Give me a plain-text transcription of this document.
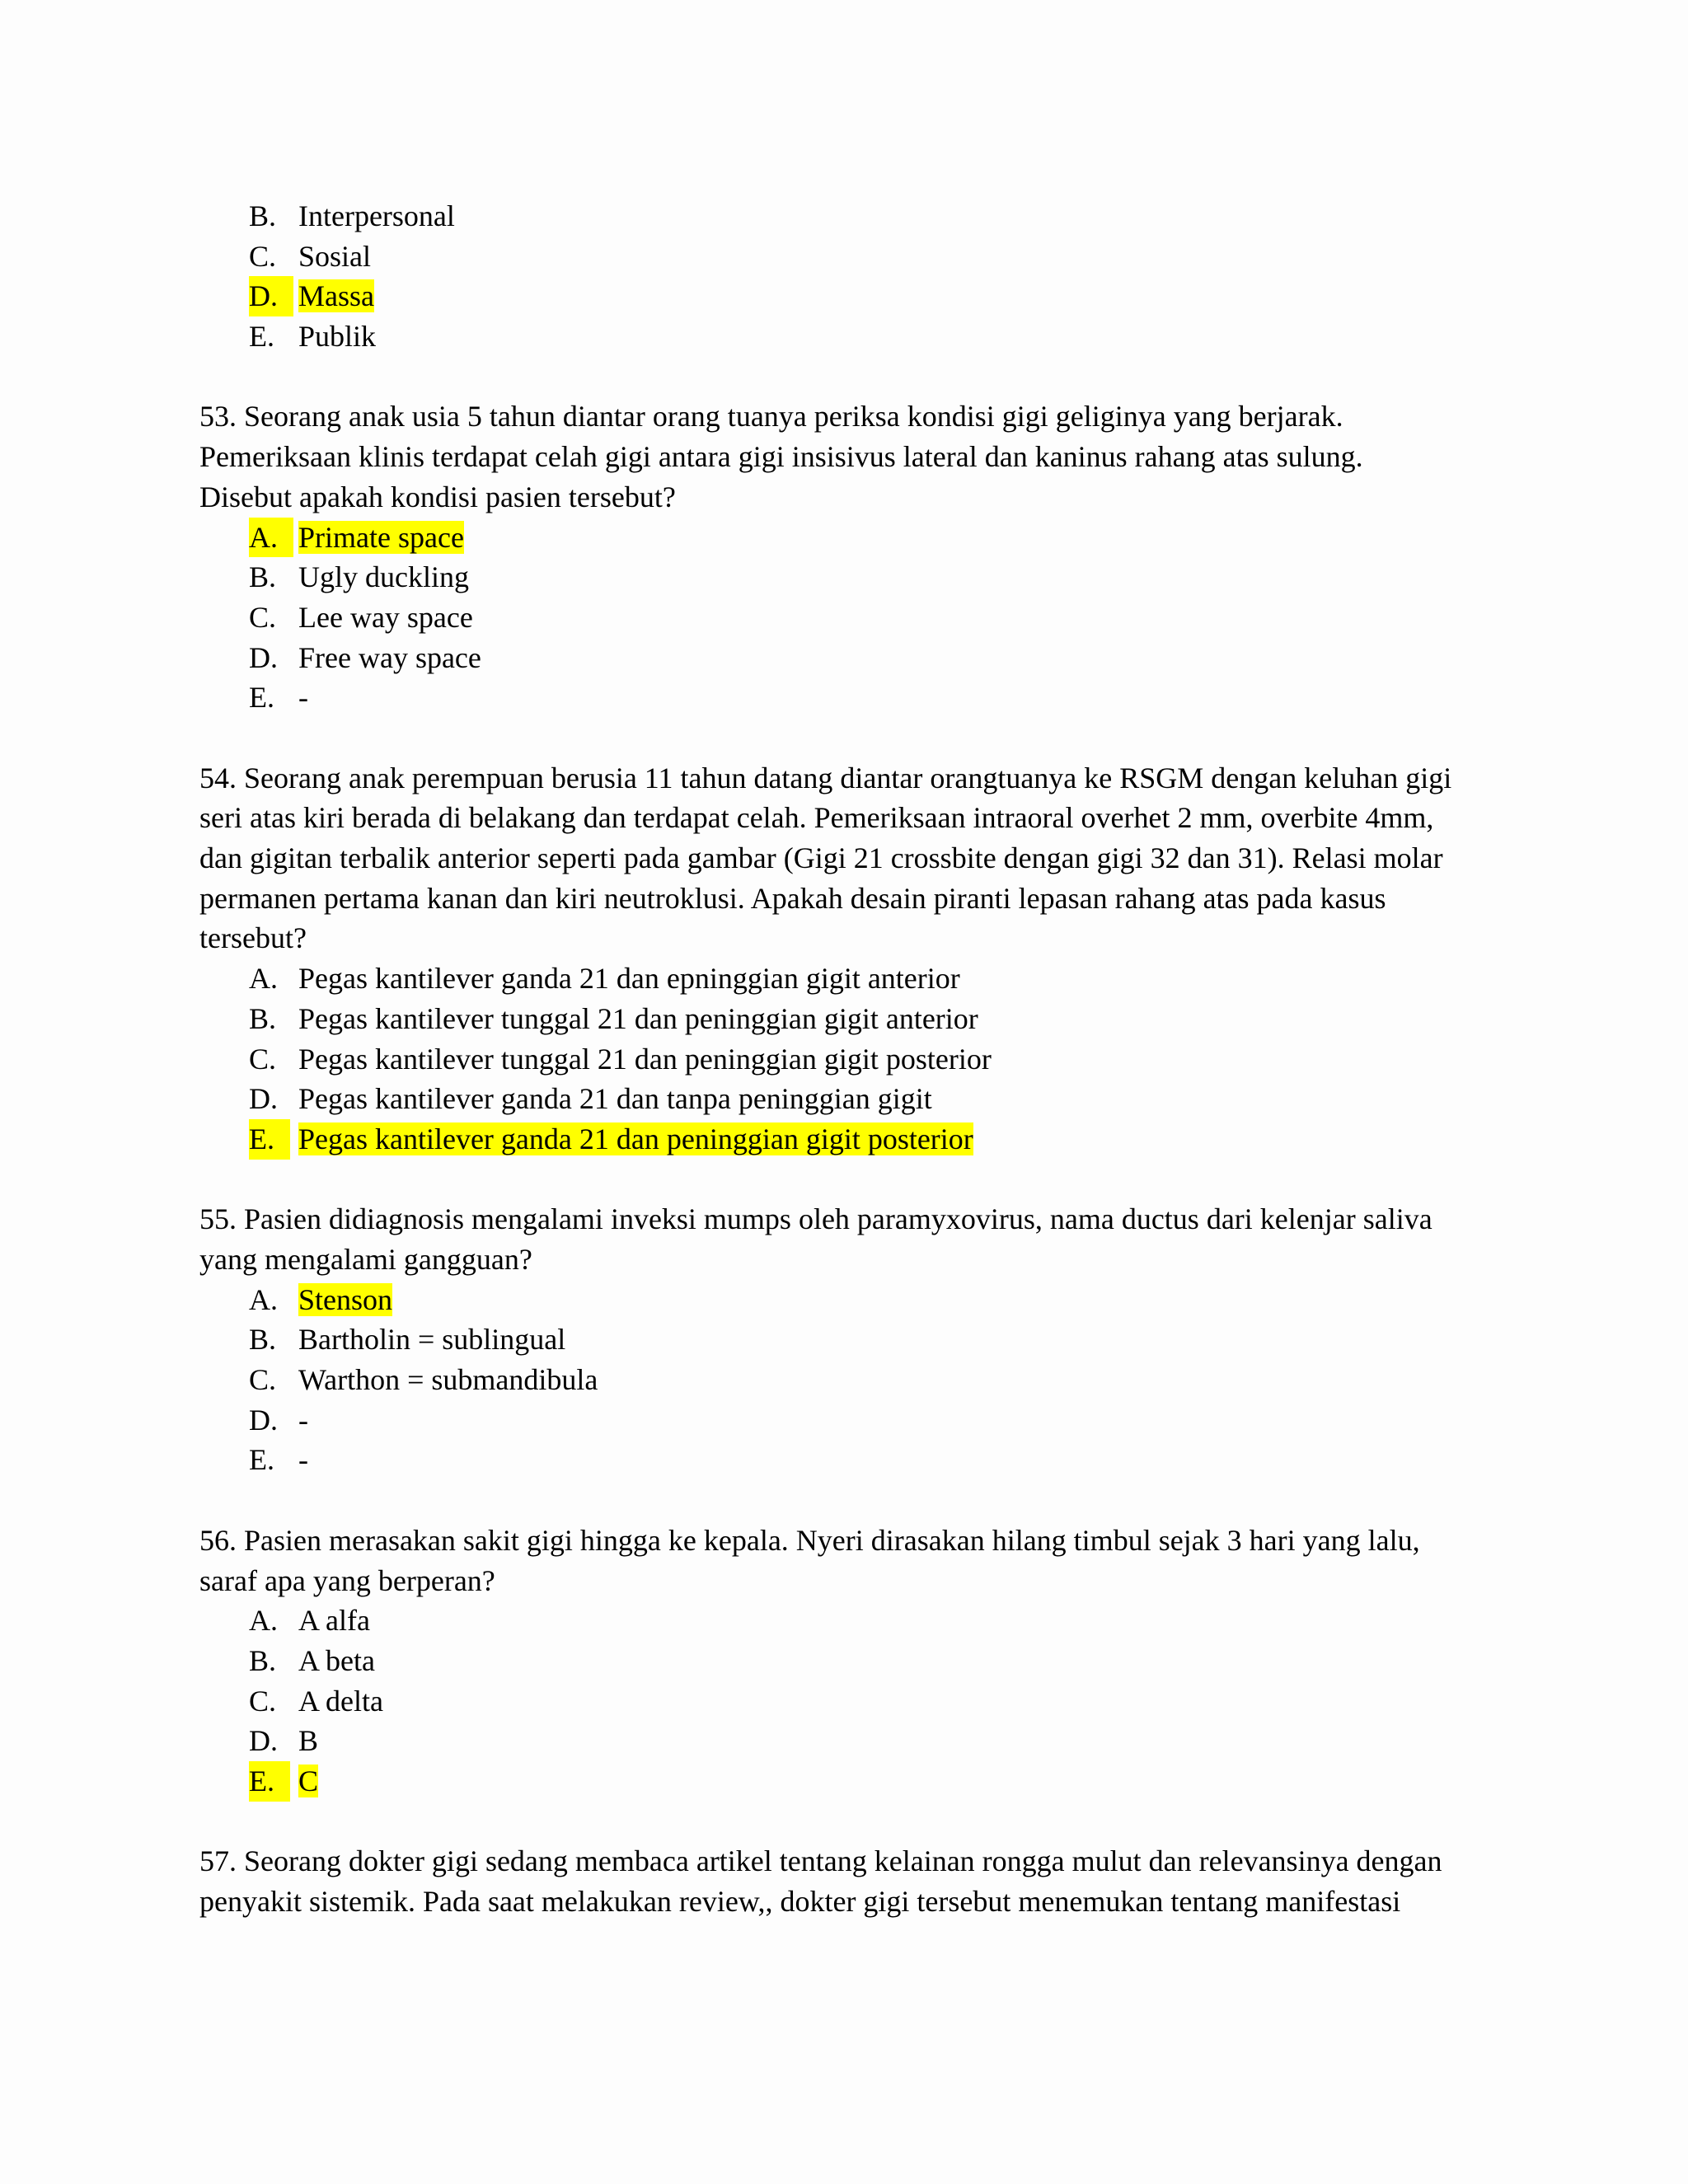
B. Interpersonal
C. Sosial
D. Massa
E. Publik

53. Seorang anak usia 5 tahun diantar orang tuanya periksa kondisi gigi geliginya yang berjarak.
Pemeriksaan klinis terdapat celah gigi antara gigi insisivus lateral dan kaninus rahang atas sulung.
Disebut apakah kondisi pasien tersebut?

A. Primate space
B. Ugly duckling
C. Lee way space
D. Free way space
E. -

54. Seorang anak perempuan berusia 11 tahun datang diantar orangtuanya ke RSGM dengan keluhan gigi
seri atas kiri berada di belakang dan terdapat celah. Pemeriksaan intraoral overhet 2 mm, overbite 4mm,
dan gigitan terbalik anterior seperti pada gambar (Gigi 21 crossbite dengan gigi 32 dan 31). Relasi molar
permanen pertama kanan dan kiri neutroklusi. Apakah desain piranti lepasan rahang atas pada kasus
tersebut?

A. Pegas kantilever ganda 21 dan epninggian gigit anterior
B. Pegas kantilever tunggal 21 dan peninggian gigit anterior
C. Pegas kantilever tunggal 21 dan peninggian gigit posterior
D. Pegas kantilever ganda 21 dan tanpa peninggian gigit
E. Pegas kantilever ganda 21 dan peninggian gigit posterior

55. Pasien didiagnosis mengalami inveksi mumps oleh paramyxovirus, nama ductus dari kelenjar saliva
yang mengalami gangguan?

A. Stenson
B. Bartholin = sublingual
C. Warthon = submandibula
D. -
E. -

56. Pasien merasakan sakit gigi hingga ke kepala. Nyeri dirasakan hilang timbul sejak 3 hari yang lalu,
saraf apa yang berperan?

A. A alfa
B. A beta
C. A delta
D. B
E. C

57. Seorang dokter gigi sedang membaca artikel tentang kelainan rongga mulut dan relevansinya dengan
penyakit sistemik. Pada saat melakukan review,, dokter gigi tersebut menemukan tentang manifestasi
